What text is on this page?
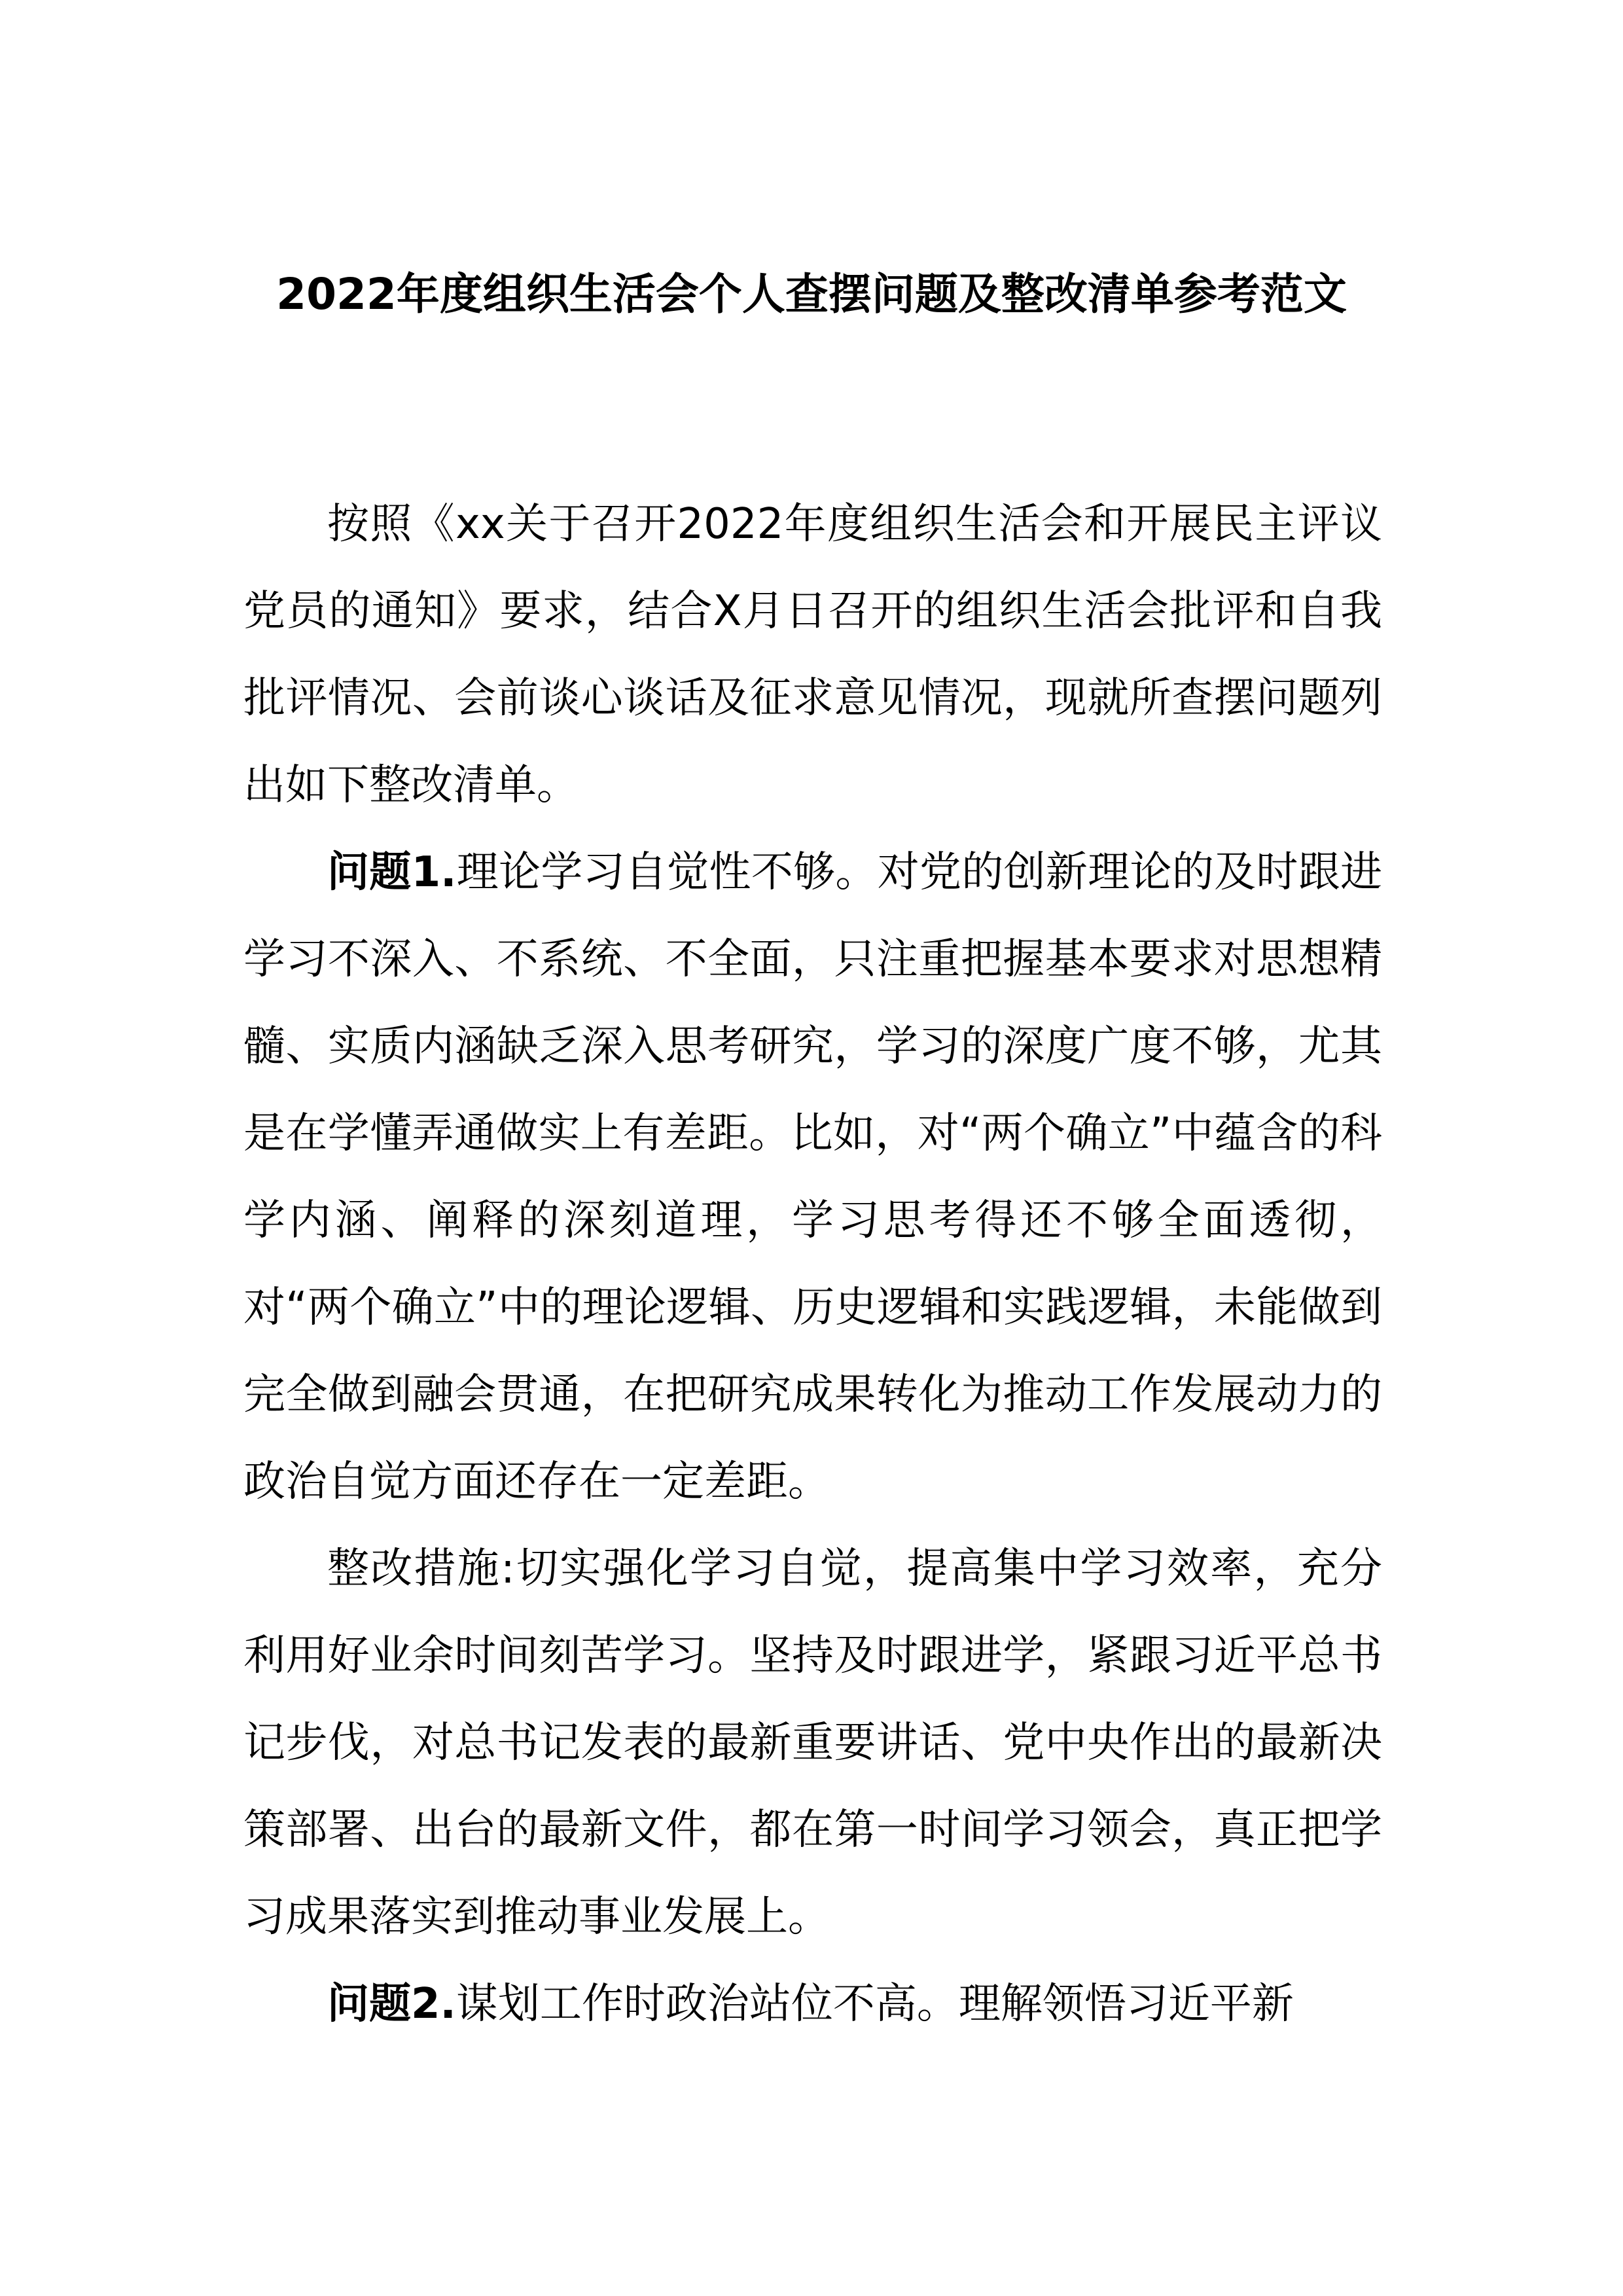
2022年度组织生活会个人查摆问题及整改清单参考范文

按照《xx关于召开2022年度组织生活会和开展民主评议党员的通知》要求，结合X月日召开的组织生活会批评和自我批评情况、会前谈心谈话及征求意见情况，现就所查摆问题列出如下整改清单。

问题1.理论学习自觉性不够。对党的创新理论的及时跟进学习不深入、不系统、不全面，只注重把握基本要求对思想精髓、实质内涵缺乏深入思考研究，学习的深度广度不够，尤其是在学懂弄通做实上有差距。比如，对“两个确立”中蕴含的科学内涵、阐释的深刻道理，学习思考得还不够全面透彻，对“两个确立”中的理论逻辑、历史逻辑和实践逻辑，未能做到完全做到融会贯通，在把研究成果转化为推动工作发展动力的政治自觉方面还存在一定差距。

整改措施:切实强化学习自觉，提高集中学习效率，充分利用好业余时间刻苦学习。坚持及时跟进学，紧跟习近平总书记步伐，对总书记发表的最新重要讲话、党中央作出的最新决策部署、出台的最新文件，都在第一时间学习领会，真正把学习成果落实到推动事业发展上。

问题2.谋划工作时政治站位不高。理解领悟习近平新
